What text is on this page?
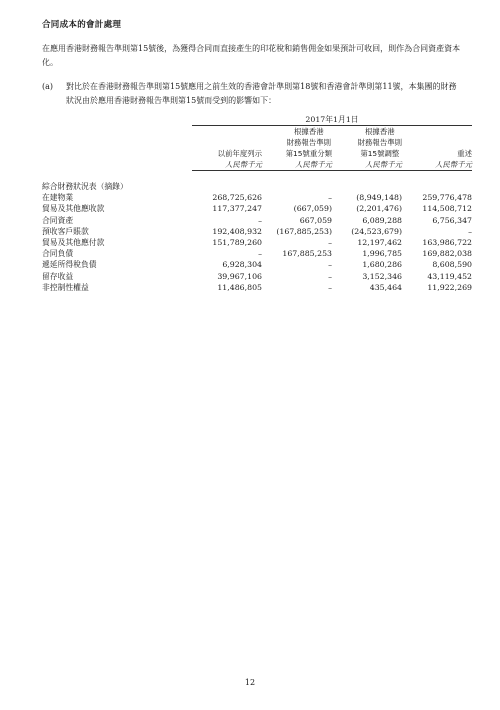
合同成本的會計處理

在應用香港財務報告準則第15號後，為獲得合同而直接產生的印花稅和銷售佣金如果預計可收回，則作為合同資產資本化。

(a) 對比於在香港財務報告準則第15號應用之前生效的香港會計準則第18號和香港會計準則第11號，本集團的財務狀況由於應用香港財務報告準則第15號而受到的影響如下：

	2017年1月1日			
	以前年度列示	根據香港
財務報告準則
第15號重分類	根據香港
財務報告準則
第15號調整	重述
	人民幣千元	人民幣千元	人民幣千元	人民幣千元

綜合財務狀況表（摘錄）				
在建物業	268,725,626	–	(8,949,148)	259,776,478
貿易及其他應收款	117,377,247	(667,059)	(2,201,476)	114,508,712
合同資產	–	667,059	6,089,288	6,756,347
預收客戶賬款	192,408,932	(167,885,253)	(24,523,679)	–
貿易及其他應付款	151,789,260	–	12,197,462	163,986,722
合同負債	–	167,885,253	1,996,785	169,882,038
遞延所得稅負債	6,928,304	–	1,680,286	8,608,590
留存收益	39,967,106	–	3,152,346	43,119,452
非控制性權益	11,486,805	–	435,464	11,922,269
12
